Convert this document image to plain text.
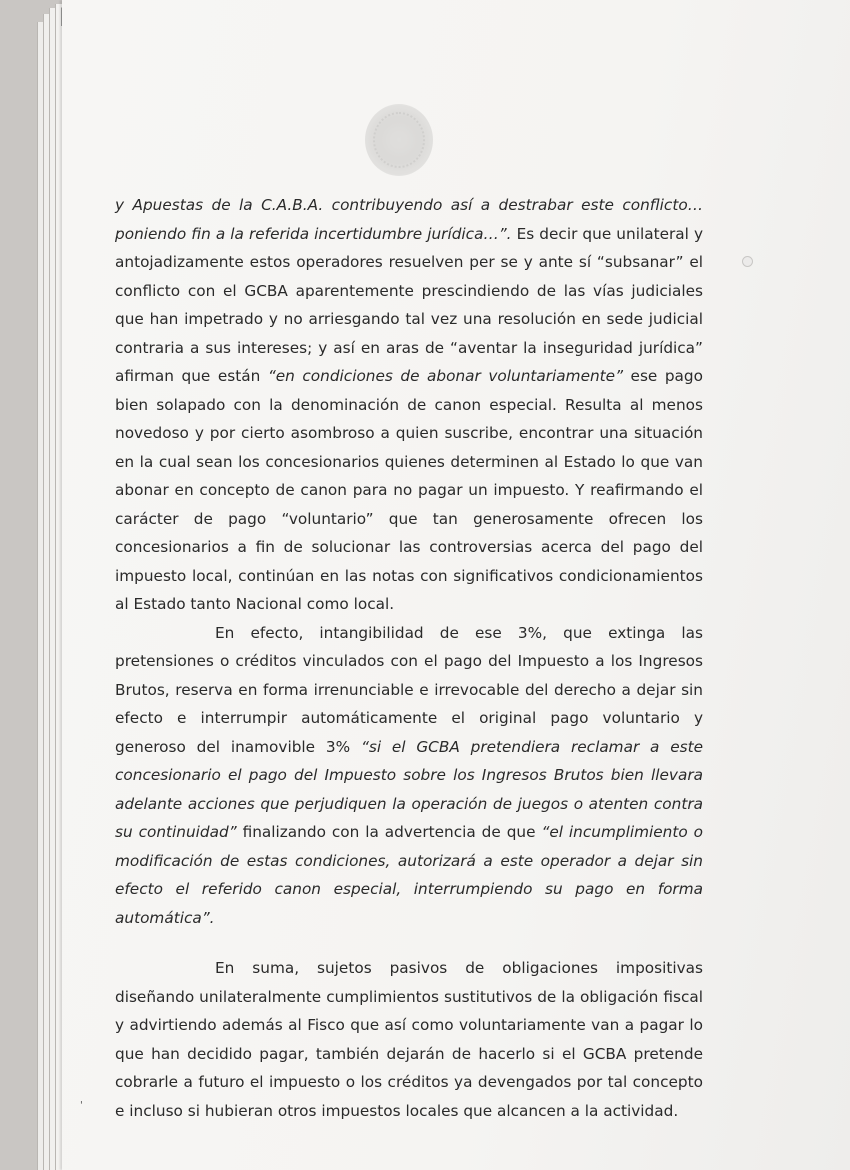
y Apuestas de la C.A.B.A. contribuyendo así a destrabar este conflicto…poniendo fin a la referida incertidumbre jurídica…”. Es decir que unilateral y antojadizamente estos operadores resuelven per se y ante sí “subsanar” el conflicto con el GCBA aparentemente prescindiendo de las vías judiciales que han impetrado y no arriesgando tal vez una resolución en sede judicial contraria a sus intereses; y así en aras de “aventar la inseguridad jurídica” afirman que están “en condiciones de abonar voluntariamente” ese pago bien solapado con la denominación de canon especial. Resulta al menos novedoso y por cierto asombroso a quien suscribe, encontrar una situación en la cual sean los concesionarios quienes determinen al Estado lo que van abonar en concepto de canon para no pagar un impuesto. Y reafirmando el carácter de pago “voluntario” que tan generosamente ofrecen los concesionarios a fin de solucionar las controversias acerca del pago del impuesto local, continúan en las notas con significativos condicionamientos al Estado tanto Nacional como local.

En efecto, intangibilidad de ese 3%, que extinga las pretensiones o créditos vinculados con el pago del Impuesto a los Ingresos Brutos, reserva en forma irrenunciable e irrevocable del derecho a dejar sin efecto e interrumpir automáticamente el original pago voluntario y generoso del inamovible 3% “si el GCBA pretendiera reclamar a este concesionario el pago del Impuesto sobre los Ingresos Brutos bien llevara adelante acciones que perjudiquen la operación de juegos o atenten contra su continuidad” finalizando con la advertencia de que “el incumplimiento o modificación de estas condiciones, autorizará a este operador a dejar sin efecto el referido canon especial, interrumpiendo su pago en forma automática”.

En suma, sujetos pasivos de obligaciones impositivas diseñando unilateralmente cumplimientos sustitutivos de la obligación fiscal y advirtiendo además al Fisco que así como voluntariamente van a pagar lo que han decidido pagar, también dejarán de hacerlo si el GCBA pretende cobrarle a futuro el impuesto o los créditos ya devengados por tal concepto e incluso si hubieran otros impuestos locales que alcancen a la actividad.

'
